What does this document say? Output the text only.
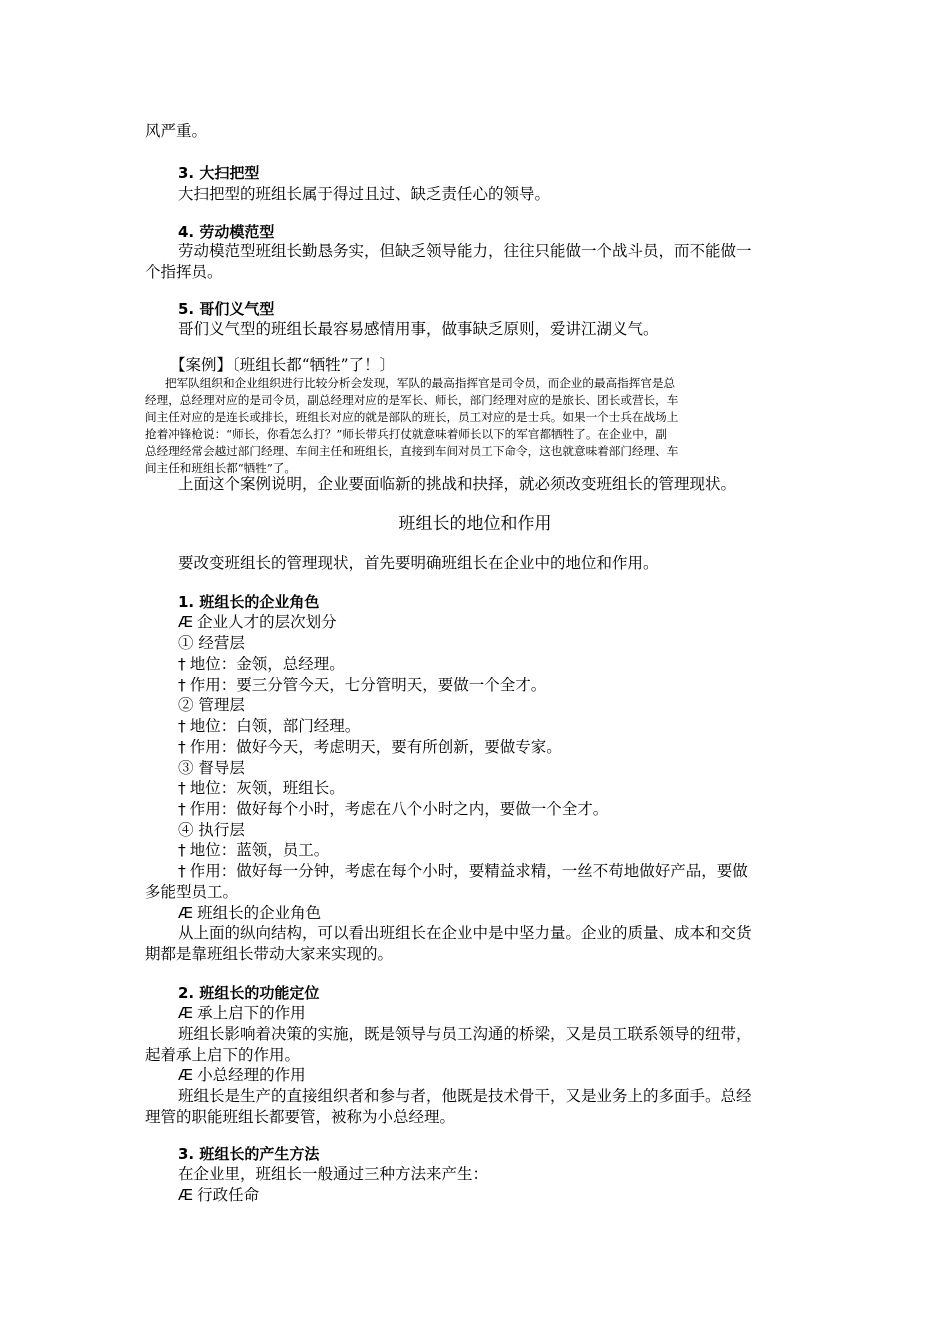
风严重。
3. 大扫把型
大扫把型的班组长属于得过且过、缺乏责任心的领导。
4. 劳动模范型
劳动模范型班组长勤恳务实，但缺乏领导能力，往往只能做一个战斗员，而不能做一
个指挥员。
5. 哥们义气型
哥们义气型的班组长最容易感情用事，做事缺乏原则，爱讲江湖义气。
【案例】〔班组长都“牺牲”了！〕
把军队组织和企业组织进行比较分析会发现，军队的最高指挥官是司令员，而企业的最高指挥官是总
经理，总经理对应的是司令员，副总经理对应的是军长、师长，部门经理对应的是旅长、团长或营长，车
间主任对应的是连长或排长，班组长对应的就是部队的班长，员工对应的是士兵。如果一个士兵在战场上
抢着冲锋枪说：“师长，你看怎么打？”师长带兵打仗就意味着师长以下的军官都牺牲了。在企业中，副
总经理经常会越过部门经理、车间主任和班组长，直接到车间对员工下命令，这也就意味着部门经理、车
间主任和班组长都“牺牲”了。
上面这个案例说明，企业要面临新的挑战和抉择，就必须改变班组长的管理现状。
班组长的地位和作用
要改变班组长的管理现状，首先要明确班组长在企业中的地位和作用。
1. 班组长的企业角色
Æ 企业人才的层次划分
① 经营层
† 地位：金领，总经理。
† 作用：要三分管今天，七分管明天，要做一个全才。
② 管理层
† 地位：白领，部门经理。
† 作用：做好今天，考虑明天，要有所创新，要做专家。
③ 督导层
† 地位：灰领，班组长。
† 作用：做好每个小时，考虑在八个小时之内，要做一个全才。
④ 执行层
† 地位：蓝领，员工。
† 作用：做好每一分钟，考虑在每个小时，要精益求精，一丝不苟地做好产品，要做
多能型员工。
Æ 班组长的企业角色
从上面的纵向结构，可以看出班组长在企业中是中坚力量。企业的质量、成本和交货
期都是靠班组长带动大家来实现的。
2. 班组长的功能定位
Æ 承上启下的作用
班组长影响着决策的实施，既是领导与员工沟通的桥梁，又是员工联系领导的纽带，
起着承上启下的作用。
Æ 小总经理的作用
班组长是生产的直接组织者和参与者，他既是技术骨干，又是业务上的多面手。总经
理管的职能班组长都要管，被称为小总经理。
3. 班组长的产生方法
在企业里，班组长一般通过三种方法来产生：
Æ 行政任命
